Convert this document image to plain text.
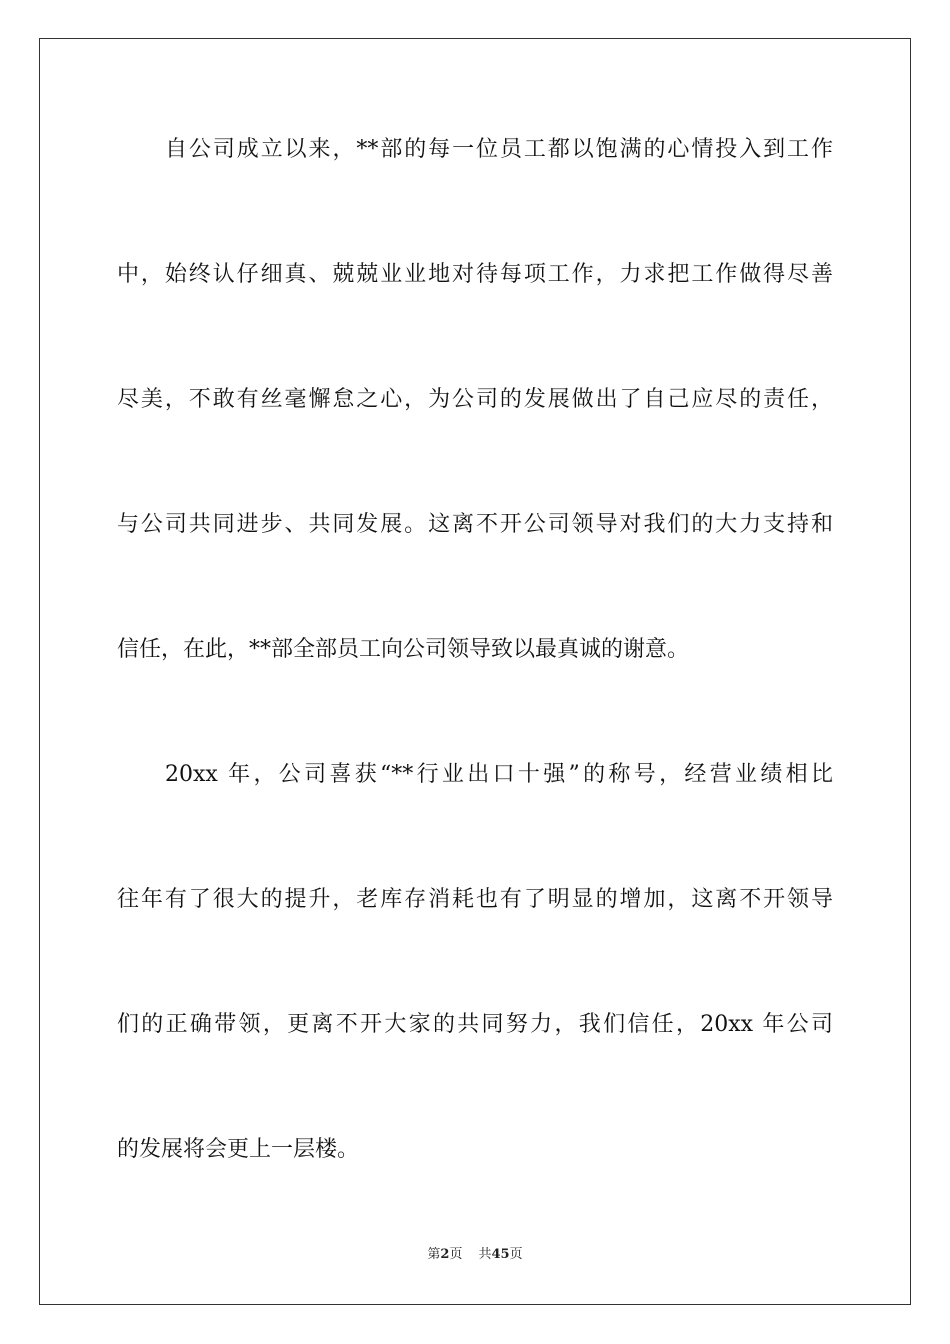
自公司成立以来，**部的每一位员工都以饱满的心情投入到工作
中，始终认仔细真、兢兢业业地对待每项工作，力求把工作做得尽善
尽美，不敢有丝毫懈怠之心，为公司的发展做出了自己应尽的责任，
与公司共同进步、共同发展。这离不开公司领导对我们的大力支持和
信任，在此，**部全部员工向公司领导致以最真诚的谢意。
20xx 年，公司喜获“**行业出口十强”的称号，经营业绩相比
往年有了很大的提升，老库存消耗也有了明显的增加，这离不开领导
们的正确带领，更离不开大家的共同努力，我们信任，20xx 年公司
的发展将会更上一层楼。
第2页 共45页
